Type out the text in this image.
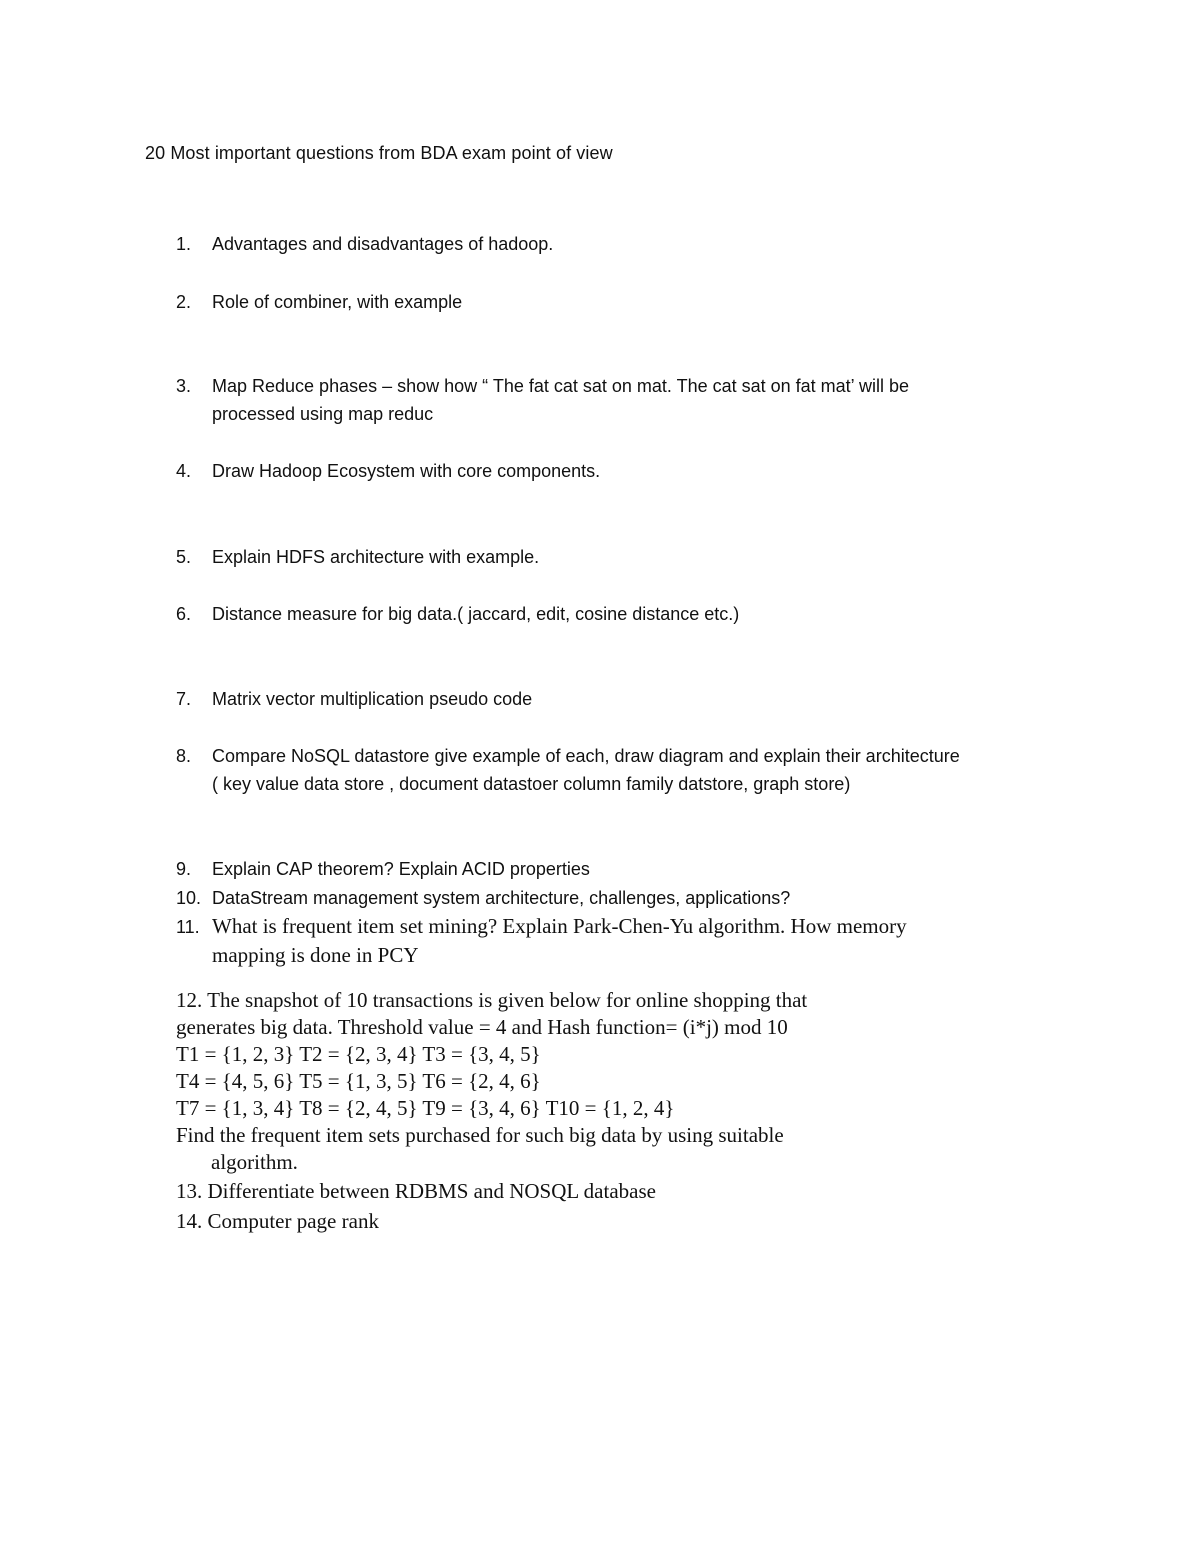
20 Most important questions from BDA exam point of view
1.	Advantages and disadvantages of hadoop.
2.	Role of combiner, with example
3.	Map Reduce phases – show how “ The fat cat sat on mat. The cat sat on fat mat’ will be
processed using map reduc
4.	Draw Hadoop Ecosystem with core components.
5.	Explain HDFS architecture with example.
6.	Distance measure for big data.( jaccard, edit, cosine distance etc.)
7.	Matrix vector multiplication pseudo code
8.	Compare NoSQL datastore give example of each, draw diagram and explain their architecture
( key value data store , document datastoer column family datstore, graph store)
9.	Explain CAP theorem? Explain ACID properties
10. DataStream management system architecture, challenges, applications?
11. What is frequent item set mining? Explain Park-Chen-Yu algorithm. How memory
mapping is done in PCY
12. The snapshot of 10 transactions is given below for online shopping that
generates big data. Threshold value = 4 and Hash function= (i*j) mod 10
T1 = {1, 2, 3} T2 = {2, 3, 4} T3 = {3, 4, 5}
T4 = {4, 5, 6} T5 = {1, 3, 5} T6 = {2, 4, 6}
T7 = {1, 3, 4} T8 = {2, 4, 5} T9 = {3, 4, 6} T10 = {1, 2, 4}
Find the frequent item sets purchased for such big data by using suitable
algorithm.
13. Differentiate between RDBMS and NOSQL database
14. Computer page rank
